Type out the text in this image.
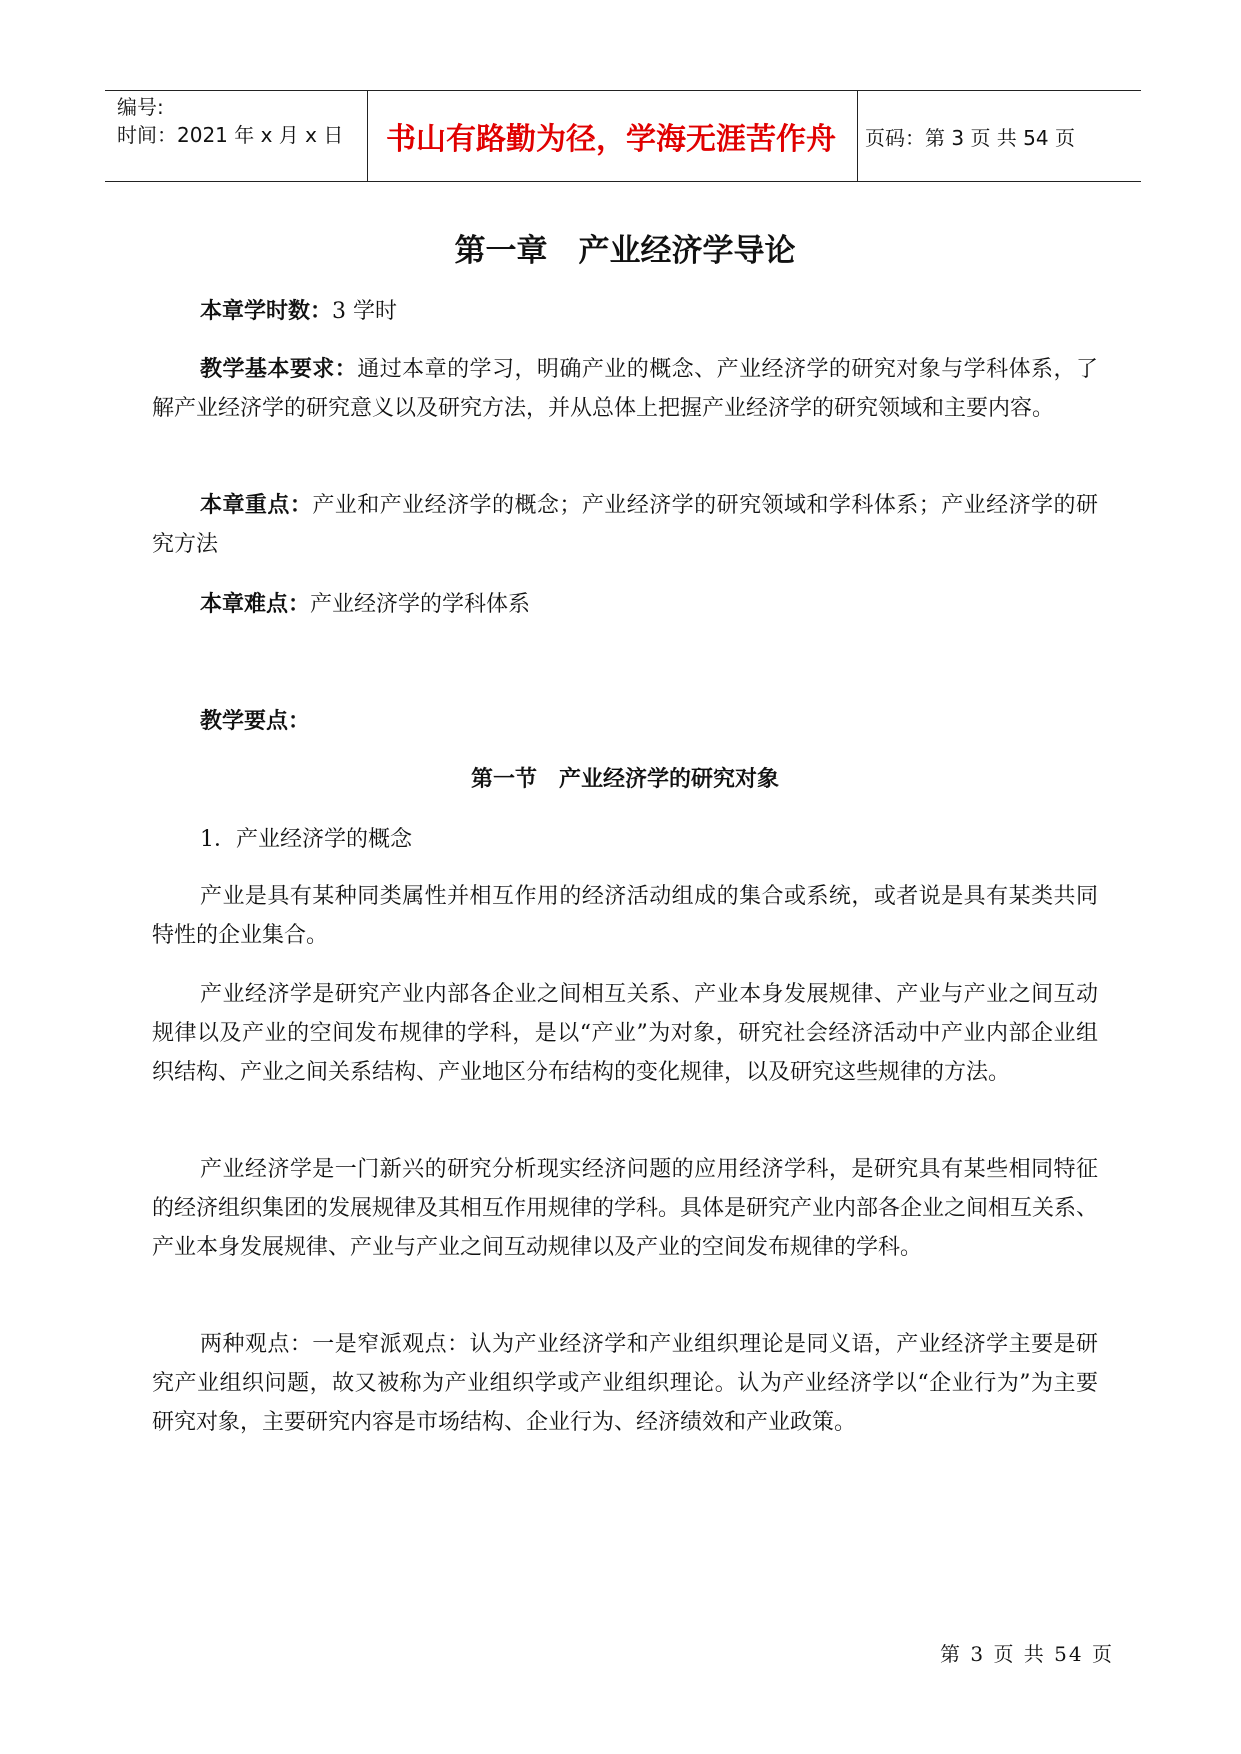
编号:
时间：2021 年 x 月 x 日	书山有路勤为径，学海无涯苦作舟	页码：第 3 页 共 54 页
第一章　产业经济学导论

本章学时数：3 学时

教学基本要求：通过本章的学习，明确产业的概念、产业经济学的研究对象与学科体系，了解产业经济学的研究意义以及研究方法，并从总体上把握产业经济学的研究领域和主要内容。

本章重点：产业和产业经济学的概念；产业经济学的研究领域和学科体系；产业经济学的研究方法

本章难点：产业经济学的学科体系

教学要点：

第一节　产业经济学的研究对象

1．产业经济学的概念

产业是具有某种同类属性并相互作用的经济活动组成的集合或系统，或者说是具有某类共同特性的企业集合。

产业经济学是研究产业内部各企业之间相互关系、产业本身发展规律、产业与产业之间互动规律以及产业的空间发布规律的学科，是以“产业”为对象，研究社会经济活动中产业内部企业组织结构、产业之间关系结构、产业地区分布结构的变化规律，以及研究这些规律的方法。

产业经济学是一门新兴的研究分析现实经济问题的应用经济学科，是研究具有某些相同特征的经济组织集团的发展规律及其相互作用规律的学科。具体是研究产业内部各企业之间相互关系、产业本身发展规律、产业与产业之间互动规律以及产业的空间发布规律的学科。

两种观点：一是窄派观点：认为产业经济学和产业组织理论是同义语，产业经济学主要是研究产业组织问题，故又被称为产业组织学或产业组织理论。认为产业经济学以“企业行为”为主要研究对象，主要研究内容是市场结构、企业行为、经济绩效和产业政策。

第 3 页 共 54 页
